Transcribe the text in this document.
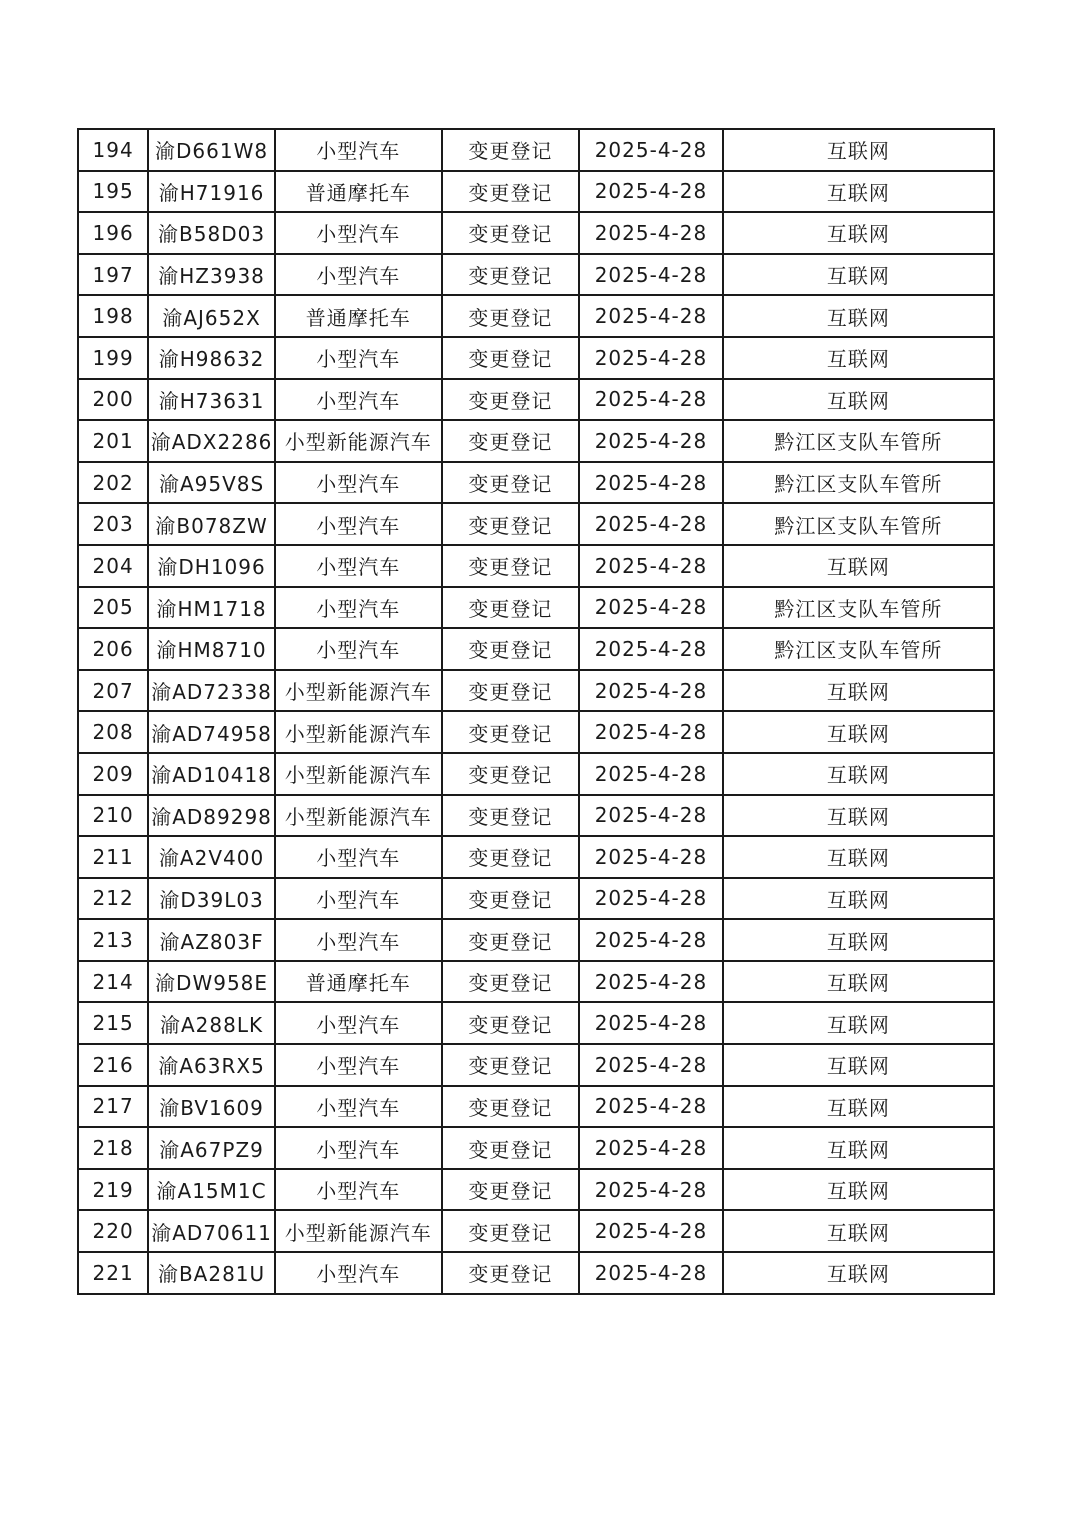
194	渝D661W8	小型汽车	变更登记	2025-4-28	互联网
195	渝H71916	普通摩托车	变更登记	2025-4-28	互联网
196	渝B58D03	小型汽车	变更登记	2025-4-28	互联网
197	渝HZ3938	小型汽车	变更登记	2025-4-28	互联网
198	渝AJ652X	普通摩托车	变更登记	2025-4-28	互联网
199	渝H98632	小型汽车	变更登记	2025-4-28	互联网
200	渝H73631	小型汽车	变更登记	2025-4-28	互联网
201	渝ADX2286	小型新能源汽车	变更登记	2025-4-28	黔江区支队车管所
202	渝A95V8S	小型汽车	变更登记	2025-4-28	黔江区支队车管所
203	渝B078ZW	小型汽车	变更登记	2025-4-28	黔江区支队车管所
204	渝DH1096	小型汽车	变更登记	2025-4-28	互联网
205	渝HM1718	小型汽车	变更登记	2025-4-28	黔江区支队车管所
206	渝HM8710	小型汽车	变更登记	2025-4-28	黔江区支队车管所
207	渝AD72338	小型新能源汽车	变更登记	2025-4-28	互联网
208	渝AD74958	小型新能源汽车	变更登记	2025-4-28	互联网
209	渝AD10418	小型新能源汽车	变更登记	2025-4-28	互联网
210	渝AD89298	小型新能源汽车	变更登记	2025-4-28	互联网
211	渝A2V400	小型汽车	变更登记	2025-4-28	互联网
212	渝D39L03	小型汽车	变更登记	2025-4-28	互联网
213	渝AZ803F	小型汽车	变更登记	2025-4-28	互联网
214	渝DW958E	普通摩托车	变更登记	2025-4-28	互联网
215	渝A288LK	小型汽车	变更登记	2025-4-28	互联网
216	渝A63RX5	小型汽车	变更登记	2025-4-28	互联网
217	渝BV1609	小型汽车	变更登记	2025-4-28	互联网
218	渝A67PZ9	小型汽车	变更登记	2025-4-28	互联网
219	渝A15M1C	小型汽车	变更登记	2025-4-28	互联网
220	渝AD70611	小型新能源汽车	变更登记	2025-4-28	互联网
221	渝BA281U	小型汽车	变更登记	2025-4-28	互联网
